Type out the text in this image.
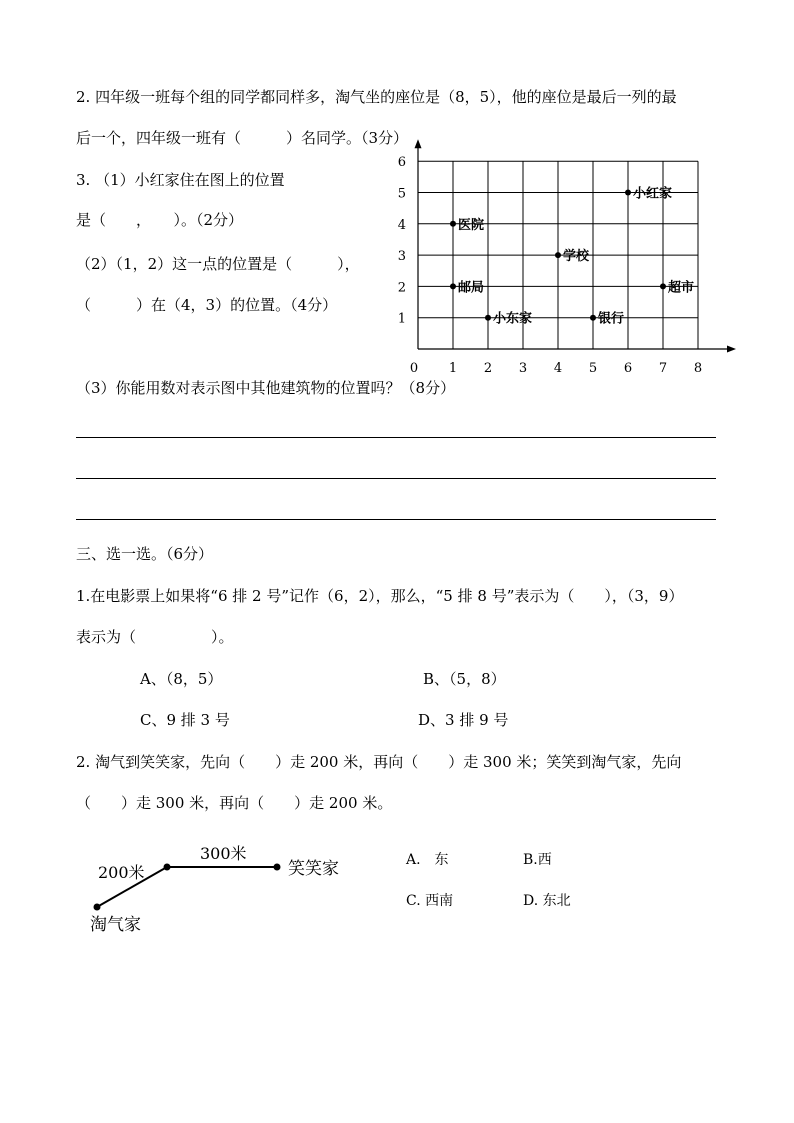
2. 四年级一班每个组的同学都同样多，淘气坐的座位是（8，5），他的座位是最后一列的最
后一个，四年级一班有（　　　）名同学。（3分）
3. （1）小红家住在图上的位置
是（　　，　　）。（2分）
（2）（1，2）这一点的位置是（　　　），
（　　　）在（4，3）的位置。（4分）
（3）你能用数对表示图中其他建筑物的位置吗？（8分）
0 1 2 3 4 5 6 7 8
1
2
3
4
5
6
小红家
医院
学校
邮局	超市
小东家	银行
三、选一选。（6分）
1.在电影票上如果将“6 排 2 号”记作（6，2），那么，“5 排 8 号”表示为（　　），（3，9）
表示为（　　　　　）。
A、（8，5）	B、（5，8）
C、9 排 3 号	D、3 排 9 号
2. 淘气到笑笑家，先向（　　）走 200 米，再向（　　）走 300 米；笑笑到淘气家，先向
（　　）走 300 米，再向（　　）走 200 米。
200米
300米
笑笑家
淘气家
A.　东	B.西
C. 西南	D. 东北
